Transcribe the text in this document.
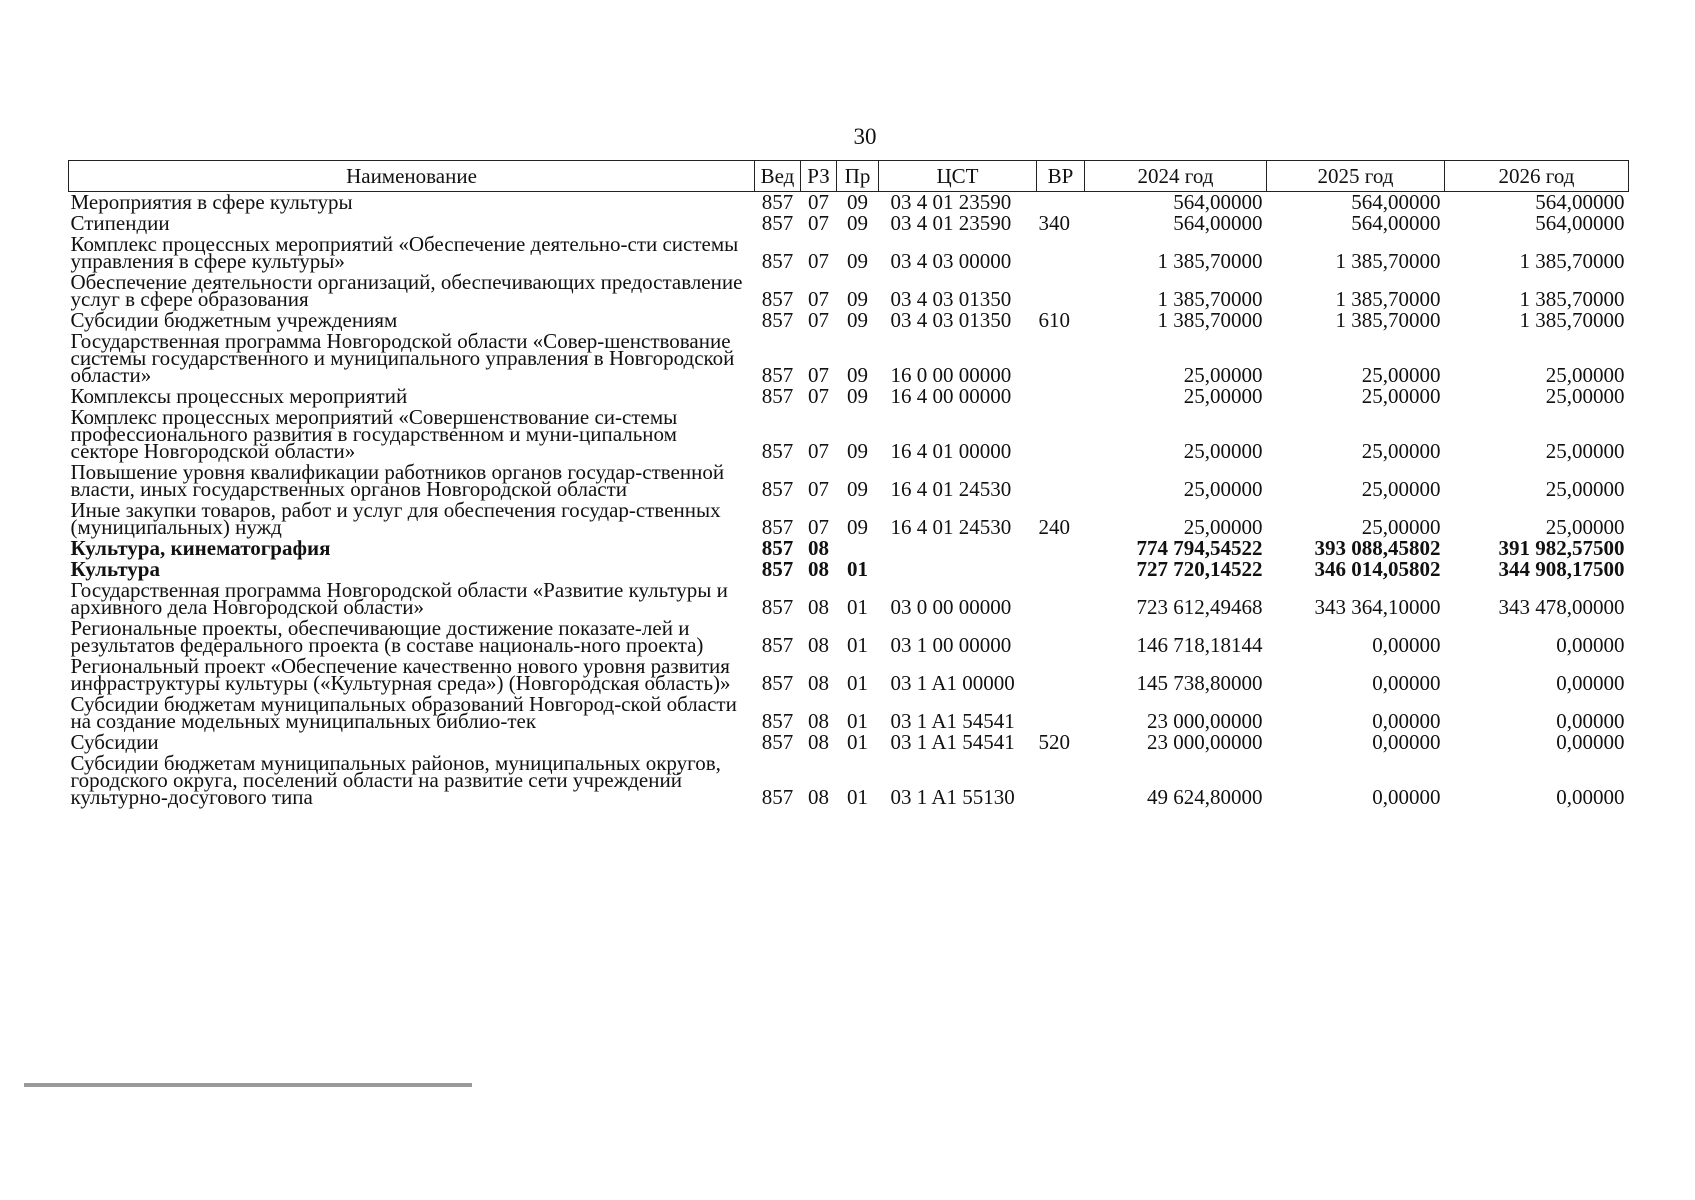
30
Наименование	Вед	РЗ	Пр	ЦСТ	ВР	2024 год	2025 год	2026 год
Мероприятия в сфере культуры	857	07	09	03 4 01 23590		564,00000	564,00000	564,00000
Стипендии	857	07	09	03 4 01 23590	340	564,00000	564,00000	564,00000
Комплекс процессных мероприятий «Обеспечение деятельно-сти системы управления в сфере культуры»	857	07	09	03 4 03 00000		1 385,70000	1 385,70000	1 385,70000
Обеспечение деятельности организаций, обеспечивающих предоставление услуг в сфере образования	857	07	09	03 4 03 01350		1 385,70000	1 385,70000	1 385,70000
Субсидии бюджетным учреждениям	857	07	09	03 4 03 01350	610	1 385,70000	1 385,70000	1 385,70000
Государственная программа Новгородской области «Совер-шенствование системы государственного и муниципального управления в Новгородской области»	857	07	09	16 0 00 00000		25,00000	25,00000	25,00000
Комплексы процессных мероприятий	857	07	09	16 4 00 00000		25,00000	25,00000	25,00000
Комплекс процессных мероприятий «Совершенствование си-стемы профессионального развития в государственном и муни-ципальном секторе Новгородской области»	857	07	09	16 4 01 00000		25,00000	25,00000	25,00000
Повышение уровня квалификации работников органов государ-ственной власти, иных государственных органов Новгородской области	857	07	09	16 4 01 24530		25,00000	25,00000	25,00000
Иные закупки товаров, работ и услуг для обеспечения государ-ственных (муниципальных) нужд	857	07	09	16 4 01 24530	240	25,00000	25,00000	25,00000
Культура, кинематография	857	08				774 794,54522	393 088,45802	391 982,57500
Культура	857	08	01			727 720,14522	346 014,05802	344 908,17500
Государственная программа Новгородской области «Развитие культуры и архивного дела Новгородской области»	857	08	01	03 0 00 00000		723 612,49468	343 364,10000	343 478,00000
Региональные проекты, обеспечивающие достижение показате-лей и результатов федерального проекта (в составе националь-ного проекта)	857	08	01	03 1 00 00000		146 718,18144	0,00000	0,00000
Региональный проект «Обеспечение качественно нового уровня развития инфраструктуры культуры («Культурная среда») (Новгородская область)»	857	08	01	03 1 A1 00000		145 738,80000	0,00000	0,00000
Субсидии бюджетам муниципальных образований Новгород-ской области на создание модельных муниципальных библио-тек	857	08	01	03 1 A1 54541		23 000,00000	0,00000	0,00000
Субсидии	857	08	01	03 1 A1 54541	520	23 000,00000	0,00000	0,00000
Субсидии бюджетам муниципальных районов, муниципальных округов, городского округа, поселений области на развитие сети учреждений культурно-досугового типа	857	08	01	03 1 A1 55130		49 624,80000	0,00000	0,00000
